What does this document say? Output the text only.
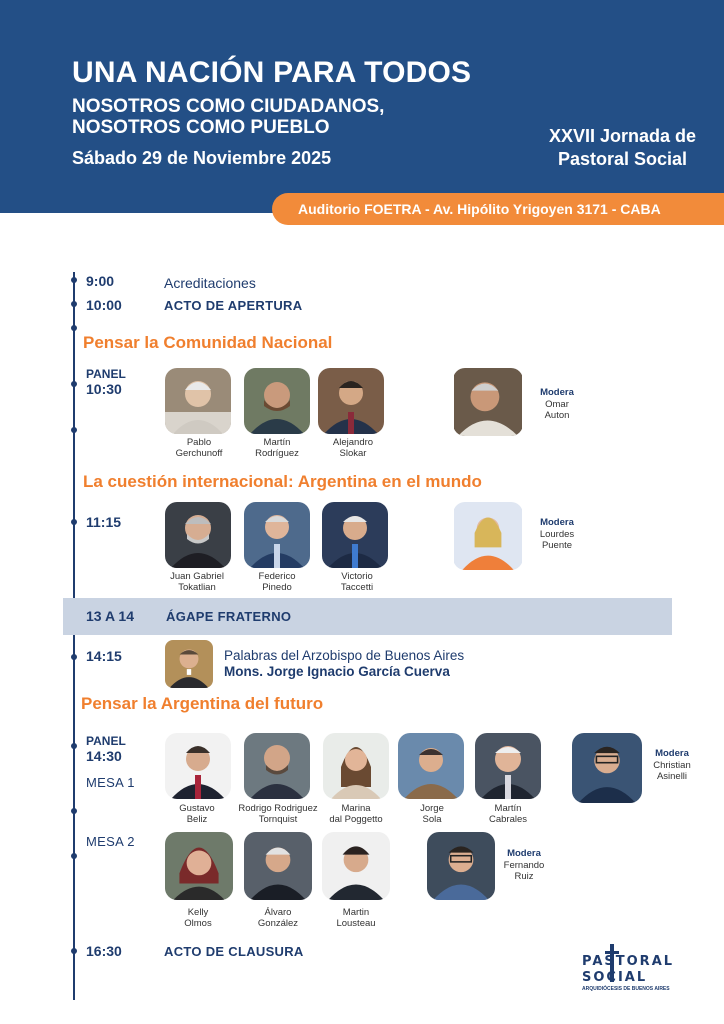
UNA NACIÓN PARA TODOS
NOSOTROS COMO CIUDADANOS,
NOSOTROS COMO PUEBLO
Sábado 29 de Noviembre 2025
XXVII Jornada de
Pastoral Social
Auditorio FOETRA - Av. Hipólito Yrigoyen 3171 - CABA
9:00	Acreditaciones
10:00	ACTO DE APERTURA
Pensar la Comunidad Nacional
PANEL
10:30
Pablo
Gerchunoff
Martín
Rodríguez
Alejandro
Slokar
Modera
Omar
Auton
La cuestión internacional: Argentina en el mundo
11:15
Juan Gabriel
Tokatlian
Federico
Pinedo
Victorio
Taccetti
Modera
Lourdes
Puente
13 A 14 ÁGAPE FRATERNO
14:15	Palabras del Arzobispo de Buenos Aires
Mons. Jorge Ignacio García Cuerva
Pensar la Argentina del futuro
PANEL
14:30
MESA 1
Gustavo
Beliz
Rodrigo Rodriguez
Tornquist
Marina
dal Poggetto
Jorge
Sola
Martín
Cabrales
Modera
Christian
Asinelli
MESA 2
Kelly
Olmos
Álvaro
González
Martin
Lousteau
Modera
Fernando
Ruiz
16:30	ACTO DE CLAUSURA
PASTORAL
SOCIAL
ARQUIDIÓCESIS DE BUENOS AIRES
